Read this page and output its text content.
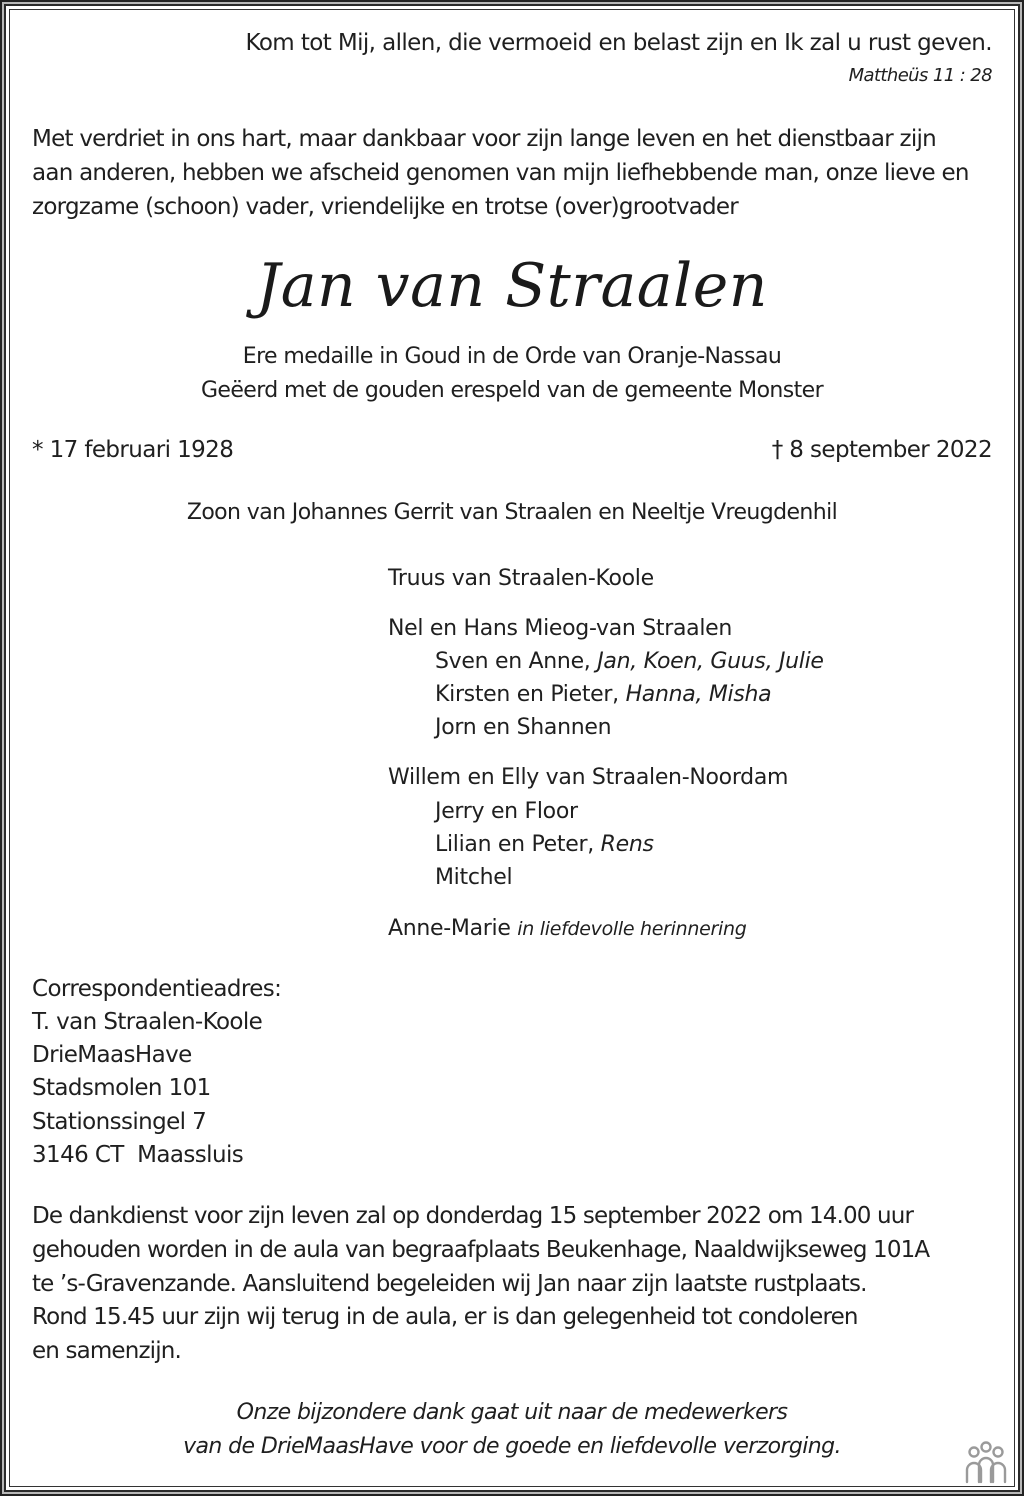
Kom tot Mij, allen, die vermoeid en belast zijn en Ik zal u rust geven.
Mattheüs 11 : 28
Met verdriet in ons hart, maar dankbaar voor zijn lange leven en het dienstbaar zijn
aan anderen, hebben we afscheid genomen van mijn liefhebbende man, onze lieve en
zorgzame (schoon) vader, vriendelijke en trotse (over)grootvader
Jan van Straalen
Ere medaille in Goud in de Orde van Oranje-Nassau
Geëerd met de gouden erespeld van de gemeente Monster
* 17 februari 1928	† 8 september 2022
Zoon van Johannes Gerrit van Straalen en Neeltje Vreugdenhil
Truus van Straalen-Koole
Nel en Hans Mieog-van Straalen
Sven en Anne, Jan, Koen, Guus, Julie
Kirsten en Pieter, Hanna, Misha
Jorn en Shannen
Willem en Elly van Straalen-Noordam
Jerry en Floor
Lilian en Peter, Rens
Mitchel
Anne-Marie in liefdevolle herinnering
Correspondentieadres:
T. van Straalen-Koole
DrieMaasHave
Stadsmolen 101
Stationssingel 7
3146 CT  Maassluis
De dankdienst voor zijn leven zal op donderdag 15 september 2022 om 14.00 uur
gehouden worden in de aula van begraafplaats Beukenhage, Naaldwijkseweg 101A
te ’s-Gravenzande. Aansluitend begeleiden wij Jan naar zijn laatste rustplaats.
Rond 15.45 uur zijn wij terug in de aula, er is dan gelegenheid tot condoleren
en samenzijn.
Onze bijzondere dank gaat uit naar de medewerkers
van de DrieMaasHave voor de goede en liefdevolle verzorging.
